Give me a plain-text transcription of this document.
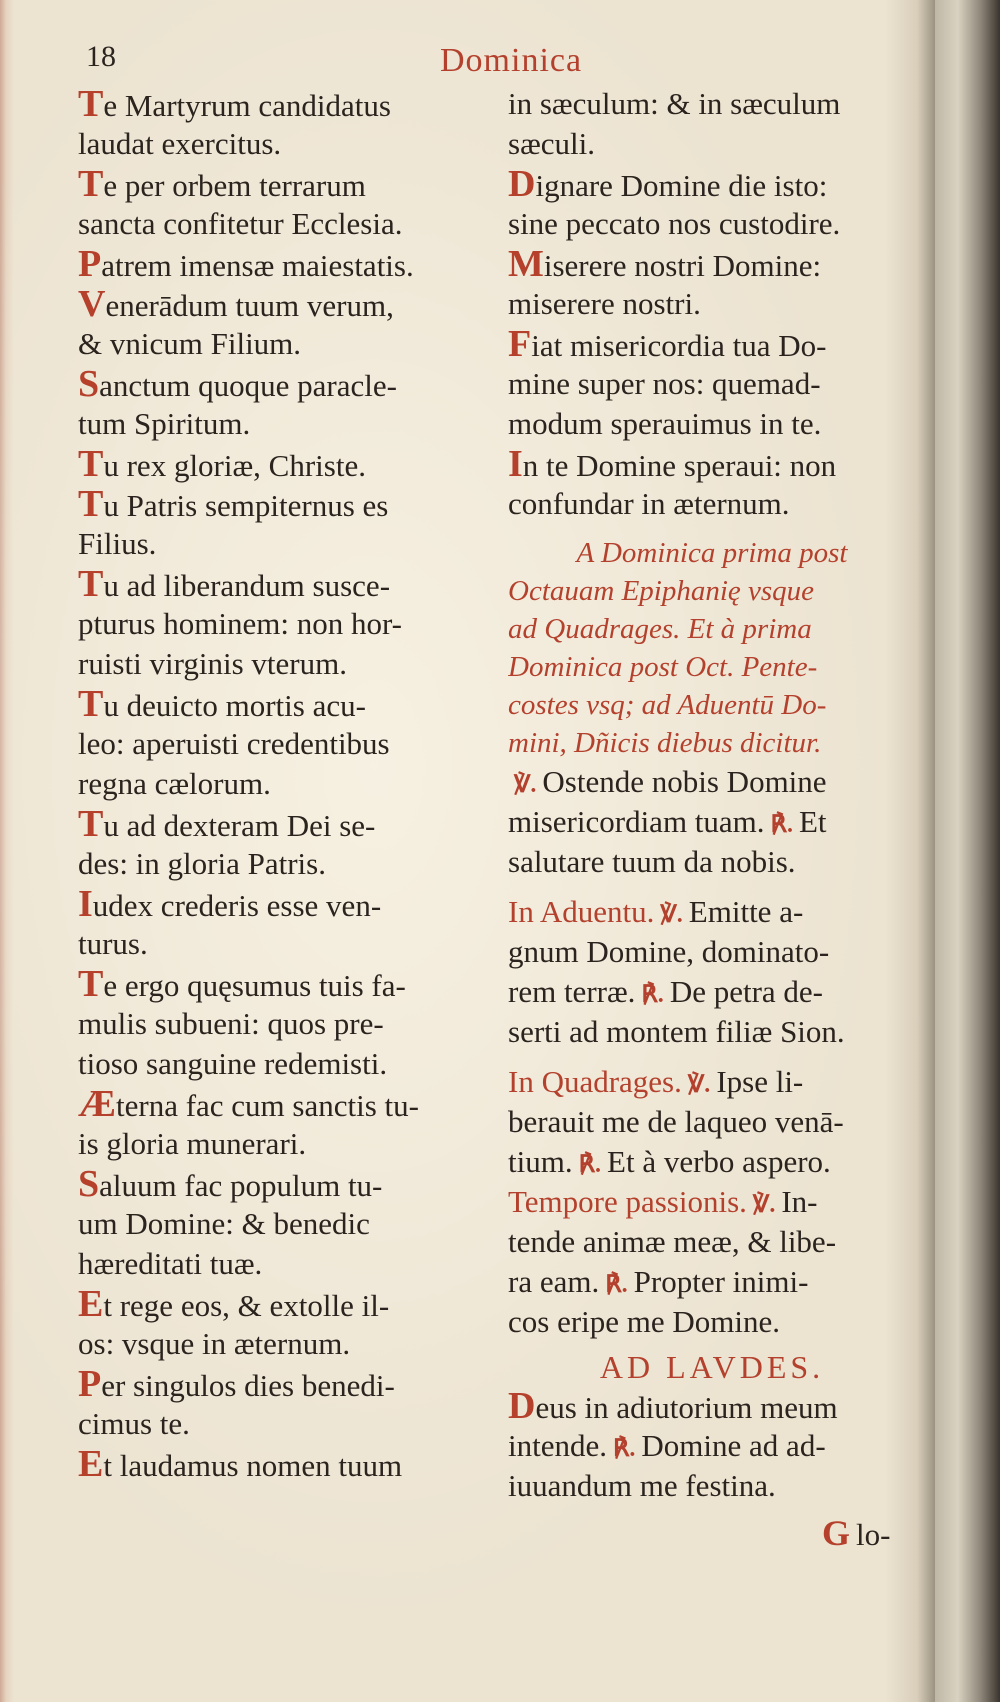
18	Dominica
Te Martyrum candidatus
laudat exercitus.
Te per orbem terrarum
sancta confitetur Ecclesia.
Patrem imensæ maiestatis.
Venerādum tuum verum,
& vnicum Filium.
Sanctum quoque paracle-
tum Spiritum.
Tu rex gloriæ, Christe.
Tu Patris sempiternus es
Filius.
Tu ad liberandum susce-
pturus hominem: non hor-
ruisti virginis vterum.
Tu deuicto mortis acu-
leo: aperuisti credentibus
regna cælorum.
Tu ad dexteram Dei se-
des: in gloria Patris.
Iudex crederis esse ven-
turus.
Te ergo quęsumus tuis fa-
mulis subueni: quos pre-
tioso sanguine redemisti.
Æterna fac cum sanctis tu-
is gloria munerari.
Saluum fac populum tu-
um Domine: & benedic
hæreditati tuæ.
Et rege eos, & extolle il-
os: vsque in æternum.
Per singulos dies benedi-
cimus te.
Et laudamus nomen tuum
in sæculum: & in sæculum
sæculi.
Dignare Domine die isto:
sine peccato nos custodire.
Miserere nostri Domine:
miserere nostri.
Fiat misericordia tua Do-
mine super nos: quemad-
modum sperauimus in te.
In te Domine speraui: non
confundar in æternum.
A Dominica prima post
Octauam Epiphanię vsque
ad Quadrages. Et à prima
Dominica post Oct. Pente-
costes vsq; ad Aduentū Do-
mini, Dñicis diebus dicitur.
℣. Ostende nobis Domine
misericordiam tuam. ℟. Et
salutare tuum da nobis.
In Aduentu. ℣. Emitte a-
gnum Domine, dominato-
rem terræ. ℟. De petra de-
serti ad montem filiæ Sion.
In Quadrages. ℣. Ipse li-
berauit me de laqueo venā-
tium. ℟. Et à verbo aspero.
Tempore passionis. ℣. In-
tende animæ meæ, & libe-
ra eam. ℟. Propter inimi-
cos eripe me Domine.
AD LAVDES.
Deus in adiutorium meum
intende. ℟. Domine ad ad-
iuuandum me festina.
G lo-
